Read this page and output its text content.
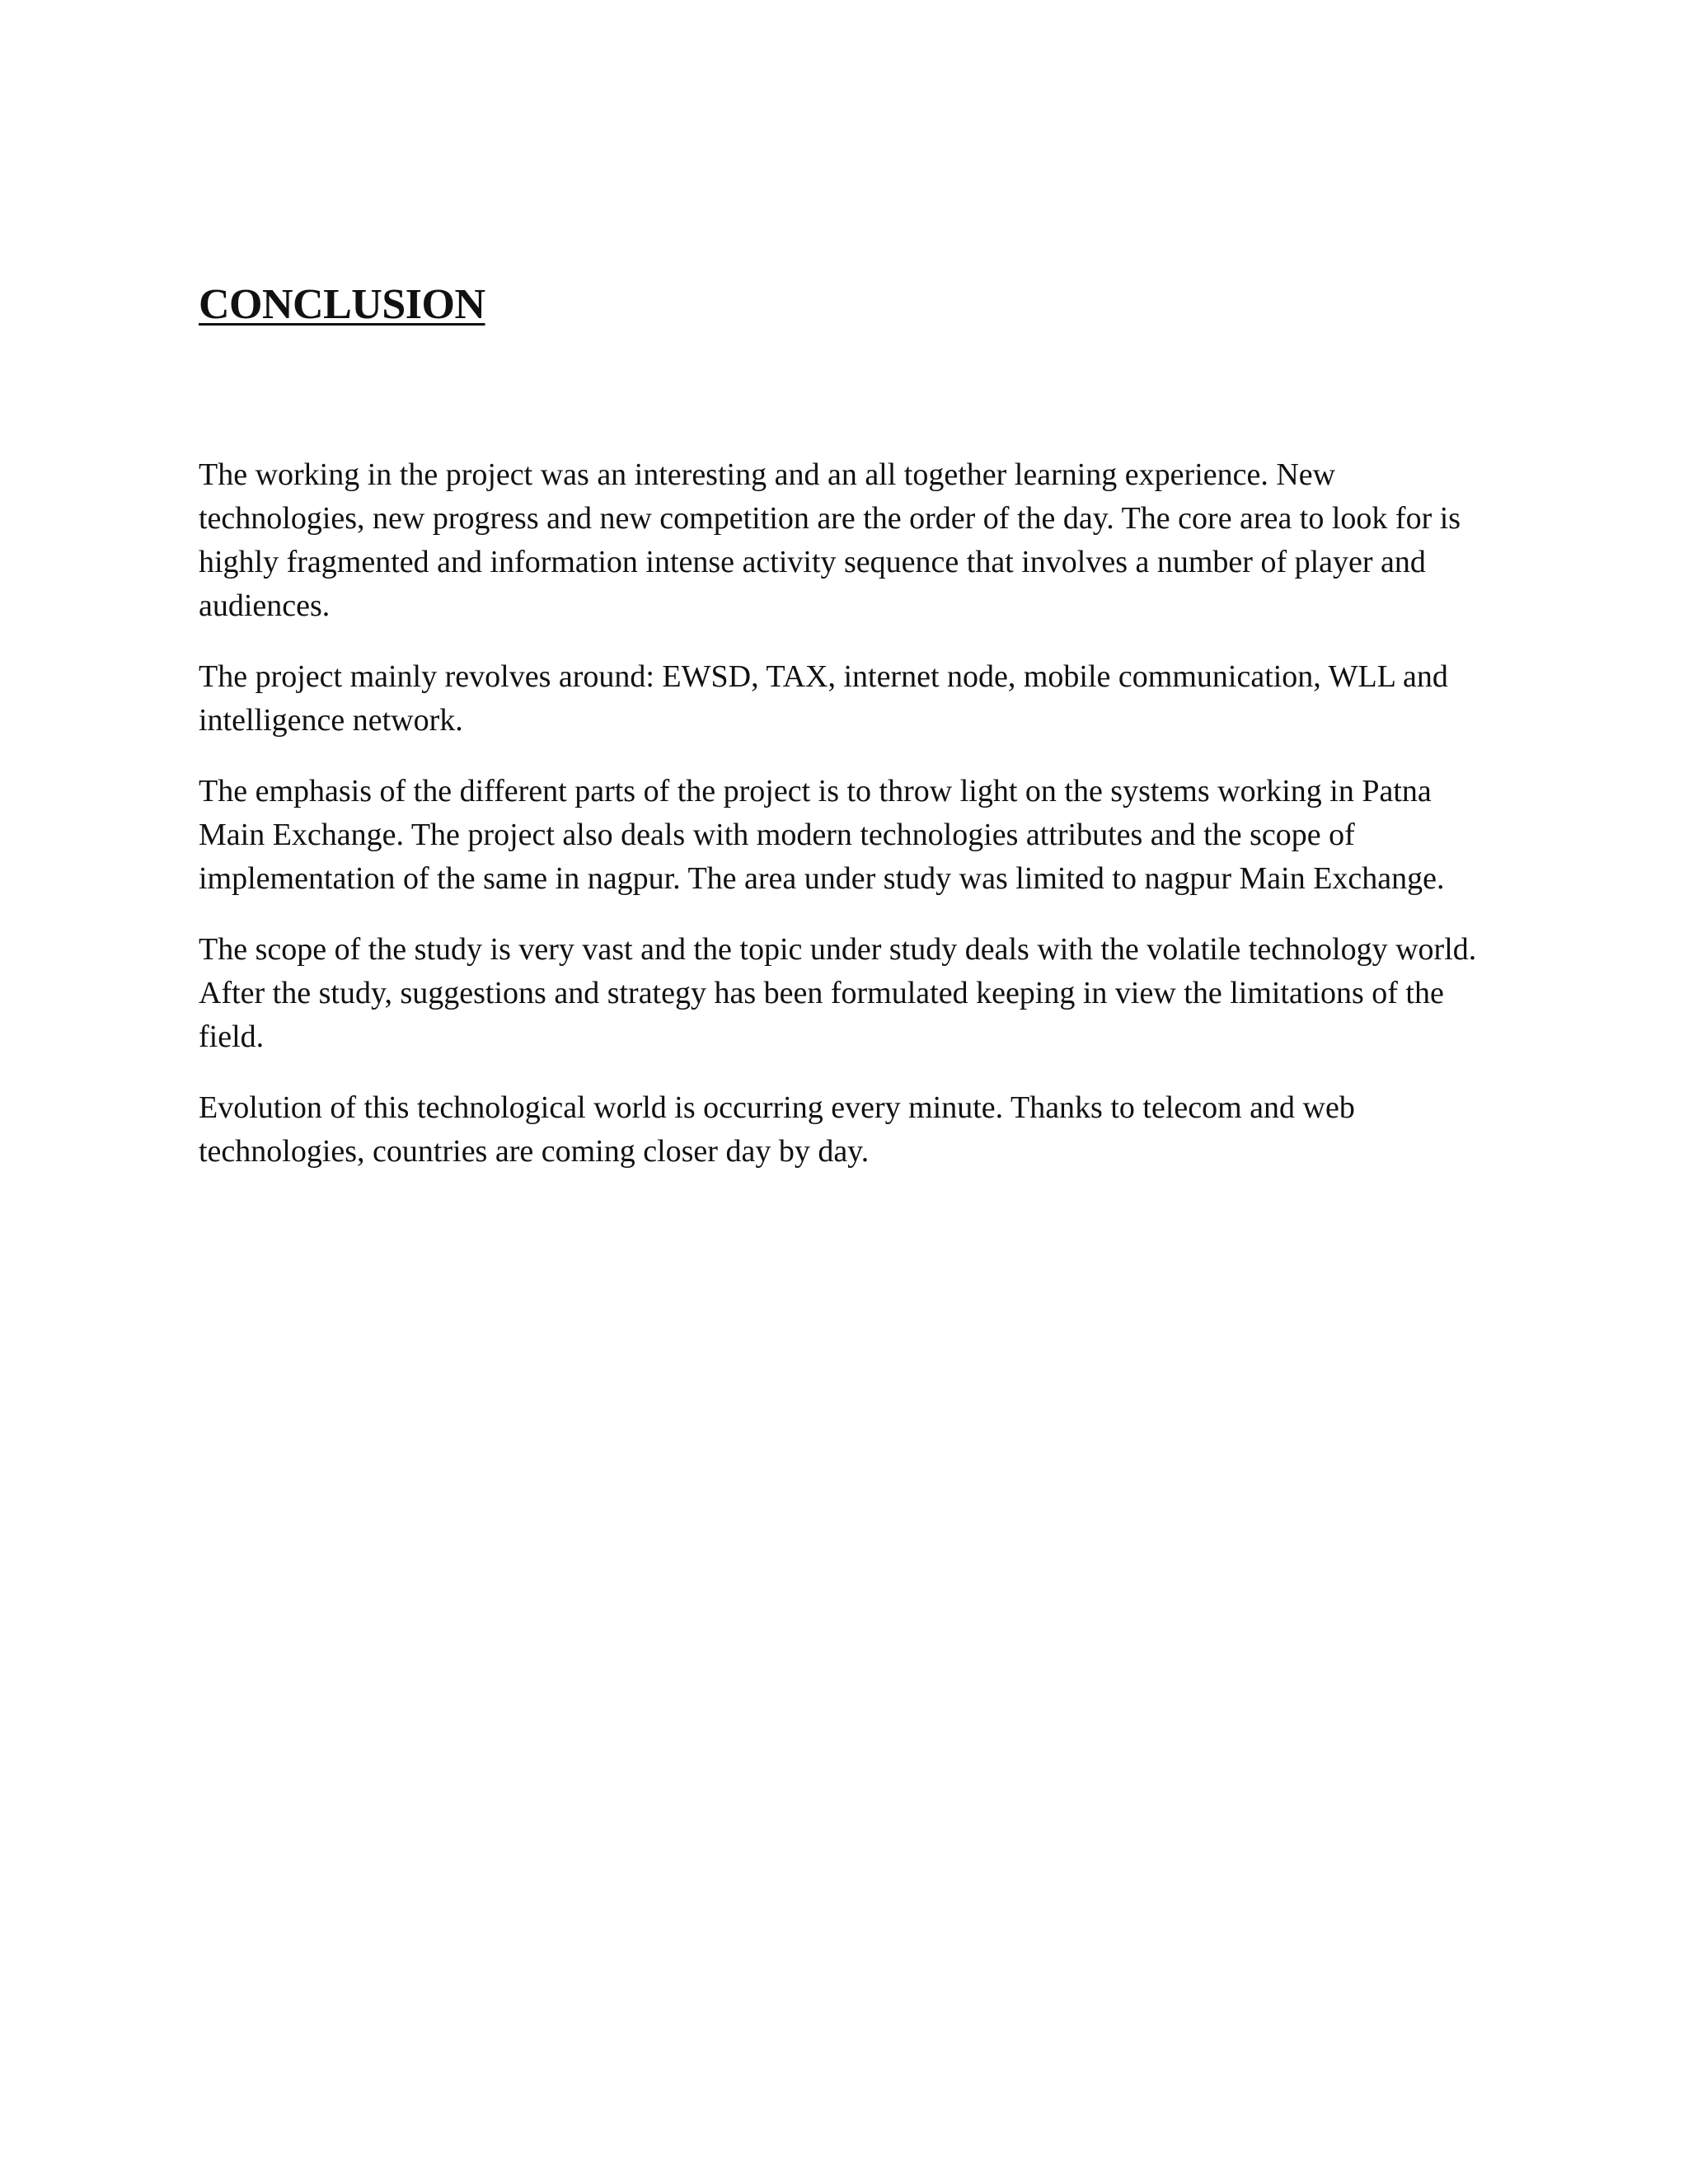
CONCLUSION

The working in the project was an interesting and an all together learning experience. New technologies, new progress and new competition are the order of the day. The core area to look for is highly fragmented and information intense activity sequence that involves a number of player and audiences.

The project mainly revolves around: EWSD, TAX, internet node, mobile communication, WLL and intelligence network.

The emphasis of the different parts of the project is to throw light on the systems working in Patna Main Exchange. The project also deals with modern technologies attributes and the scope of implementation of the same in nagpur. The area under study was limited to nagpur Main Exchange.

The scope of the study is very vast and the topic under study deals with the volatile technology world. After the study, suggestions and strategy has been formulated keeping in view the limitations of the field.

Evolution of this technological world is occurring every minute. Thanks to telecom and web technologies, countries are coming closer day by day.
